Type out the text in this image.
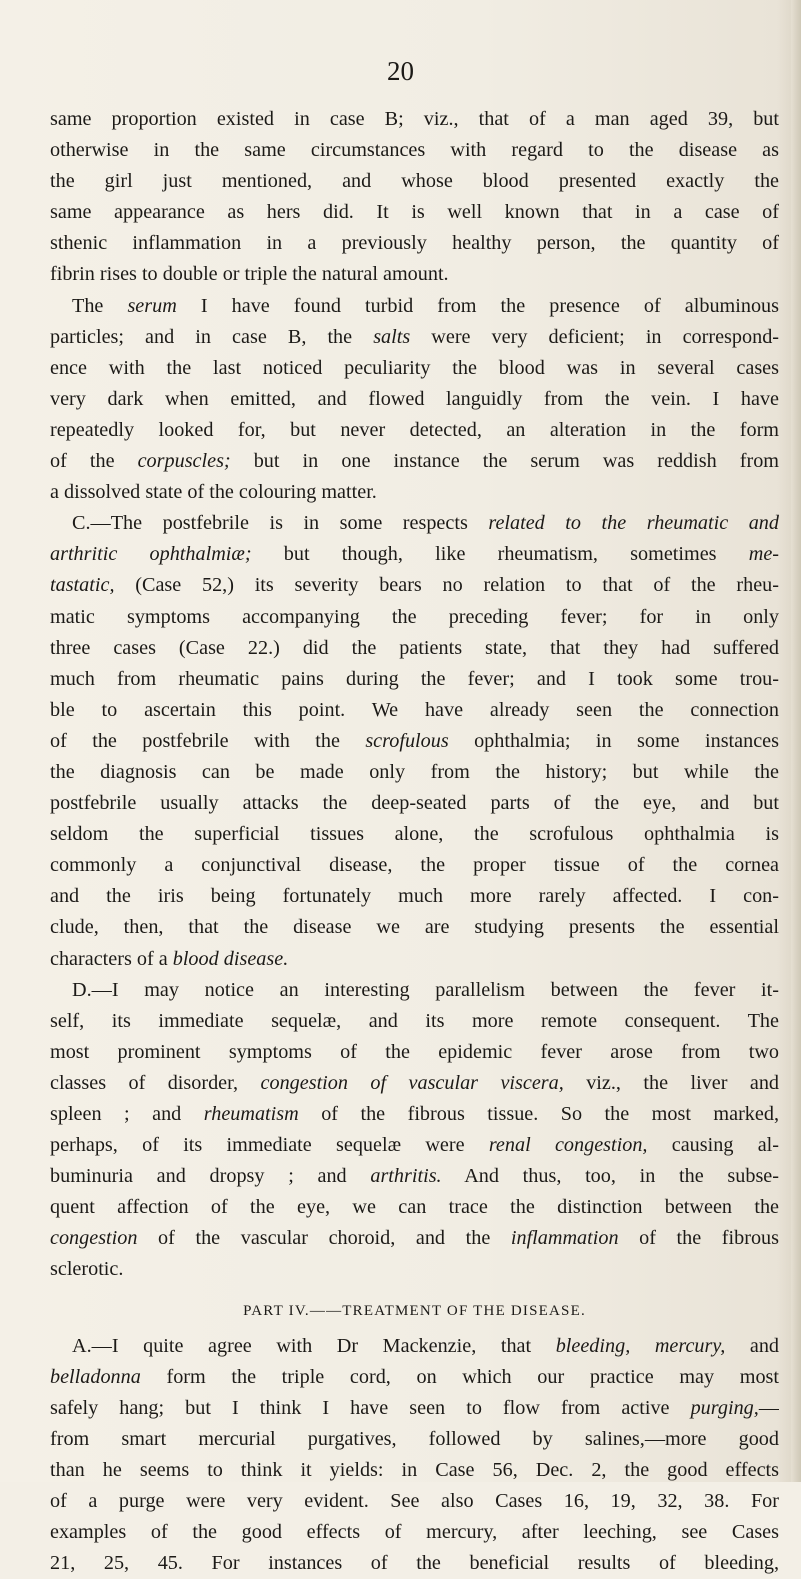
20
same proportion existed in case B; viz., that of a man aged 39, but
otherwise in the same circumstances with regard to the disease as
the girl just mentioned, and whose blood presented exactly the
same appearance as hers did. It is well known that in a case of
sthenic inflammation in a previously healthy person, the quantity of
fibrin rises to double or triple the natural amount.
The serum I have found turbid from the presence of albuminous
particles; and in case B, the salts were very deficient; in correspond-
ence with the last noticed peculiarity the blood was in several cases
very dark when emitted, and flowed languidly from the vein. I have
repeatedly looked for, but never detected, an alteration in the form
of the corpuscles; but in one instance the serum was reddish from
a dissolved state of the colouring matter.
C.—The postfebrile is in some respects related to the rheumatic and
arthritic ophthalmiæ; but though, like rheumatism, sometimes me-
tastatic, (Case 52,) its severity bears no relation to that of the rheu-
matic symptoms accompanying the preceding fever; for in only
three cases (Case 22.) did the patients state, that they had suffered
much from rheumatic pains during the fever; and I took some trou-
ble to ascertain this point. We have already seen the connection
of the postfebrile with the scrofulous ophthalmia; in some instances
the diagnosis can be made only from the history; but while the
postfebrile usually attacks the deep-seated parts of the eye, and but
seldom the superficial tissues alone, the scrofulous ophthalmia is
commonly a conjunctival disease, the proper tissue of the cornea
and the iris being fortunately much more rarely affected. I con-
clude, then, that the disease we are studying presents the essential
characters of a blood disease.
D.—I may notice an interesting parallelism between the fever it-
self, its immediate sequelæ, and its more remote consequent. The
most prominent symptoms of the epidemic fever arose from two
classes of disorder, congestion of vascular viscera, viz., the liver and
spleen ; and rheumatism of the fibrous tissue. So the most marked,
perhaps, of its immediate sequelæ were renal congestion, causing al-
buminuria and dropsy ; and arthritis. And thus, too, in the subse-
quent affection of the eye, we can trace the distinction between the
congestion of the vascular choroid, and the inflammation of the fibrous
sclerotic.
PART IV.——TREATMENT OF THE DISEASE.
A.—I quite agree with Dr Mackenzie, that bleeding, mercury, and
belladonna form the triple cord, on which our practice may most
safely hang; but I think I have seen to flow from active purging,—
from smart mercurial purgatives, followed by salines,—more good
than he seems to think it yields: in Case 56, Dec. 2, the good effects
of a purge were very evident. See also Cases 16, 19, 32, 38. For
examples of the good effects of mercury, after leeching, see Cases
21, 25, 45. For instances of the beneficial results of bleeding,
